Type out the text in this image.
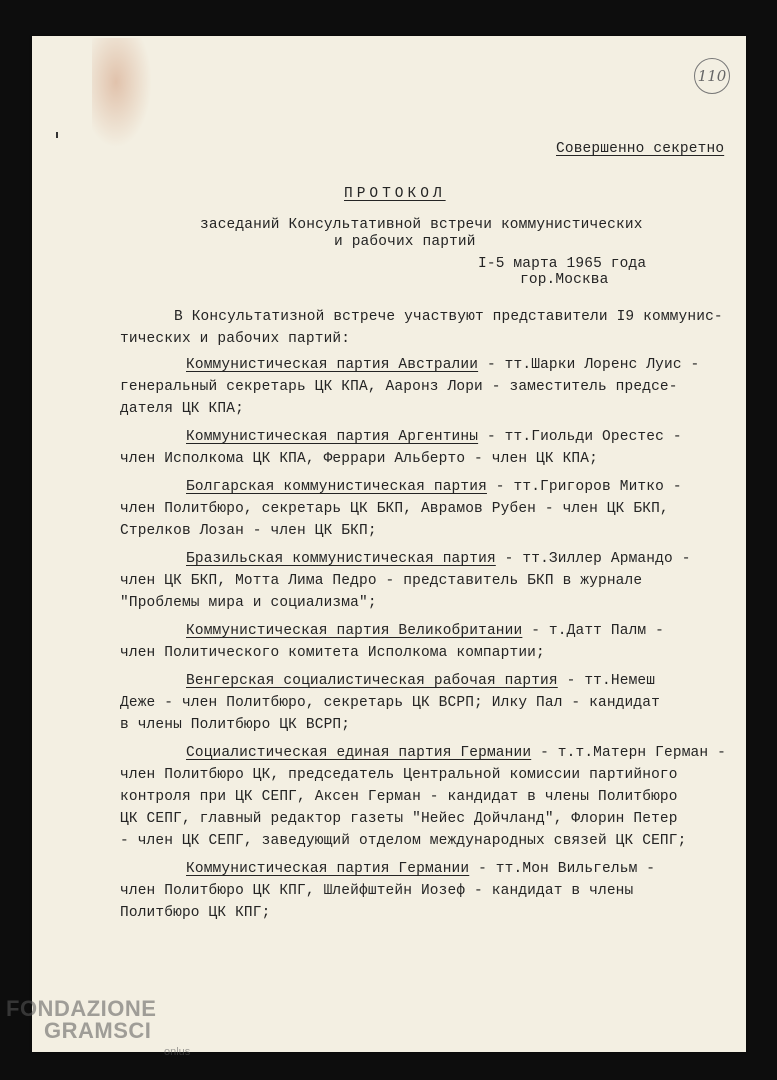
110
Совершенно секретно
ПРОТОКОЛ
заседаний Консультативной встречи коммунистических
и рабочих партий
I-5 марта 1965 года
гор.Москва
В Консультатизной встрече участвуют представители I9 коммунис-
тических и рабочих партий:
Коммунистическая партия Австралии - тт.Шарки Лоренс Луис -
генеральный секретарь ЦК КПА, Ааронз Лори - заместитель предсе-
дателя ЦК КПА;
Коммунистическая партия Аргентины - тт.Гиольди Орестес -
член Исполкома ЦК КПА, Феррари Альберто - член ЦК КПА;
Болгарская коммунистическая партия - тт.Григоров Митко -
член Политбюро, секретарь ЦК БКП, Аврамов Рубен - член ЦК БКП,
Стрелков Лозан - член ЦК БКП;
Бразильская коммунистическая партия - тт.Зиллер Армандо -
член ЦК БКП, Мотта Лима Педро - представитель БКП в журнале
"Проблемы мира и социализма";
Коммунистическая партия Великобритании - т.Датт Палм -
член Политического комитета Исполкома компартии;
Венгерская социалистическая рабочая партия - тт.Немеш
Деже - член Политбюро, секретарь ЦК ВСРП; Илку Пал - кандидат
в члены Политбюро ЦК ВСРП;
Социалистическая единая партия Германии - т.т.Матерн Герман -
член Политбюро ЦК, председатель Центральной комиссии партийного
контроля при ЦК СЕПГ, Аксен Герман - кандидат в члены Политбюро
ЦК СЕПГ, главный редактор газеты "Нейес Дойчланд", Флорин Петер
- член ЦК СЕПГ, заведующий отделом международных связей ЦК СЕПГ;
Коммунистическая партия Германии - тт.Мон Вильгельм -
член Политбюро ЦК КПГ, Шлейфштейн Иозеф - кандидат в члены
Политбюро ЦК КПГ;
FONDAZIONE
GRAMSCI
onlus
